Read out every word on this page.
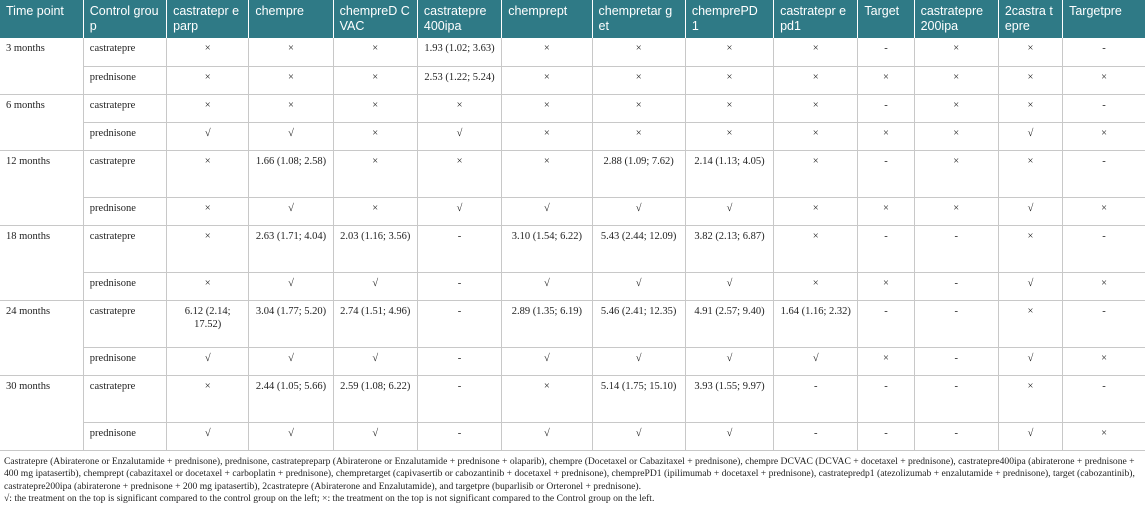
Time point	Control group	castratepr eparp	chempre	chempreD CVAC	castratepre 400ipa	chemprept	chempretar get	chemprePD 1	castratepr epd1	Target	castratepre 200ipa	2castra tepre	Targetpre
3 months	castratepre	×	×	×	1.93 (1.02; 3.63)	×	×	×	×	-	×	×	-
	prednisone	×	×	×	2.53 (1.22; 5.24)	×	×	×	×	×	×	×	×
6 months	castratepre	×	×	×	×	×	×	×	×	-	×	×	-
	prednisone	√	√	×	√	×	×	×	×	×	×	√	×
12 months	castratepre	×	1.66 (1.08; 2.58)	×	×	×	2.88 (1.09; 7.62)	2.14 (1.13; 4.05)	×	-	×	×	-
	prednisone	×	√	×	√	√	√	√	×	×	×	√	×
18 months	castratepre	×	2.63 (1.71; 4.04)	2.03 (1.16; 3.56)	-	3.10 (1.54; 6.22)	5.43 (2.44; 12.09)	3.82 (2.13; 6.87)	×	-	-	×	-
	prednisone	×	√	√	-	√	√	√	×	×	-	√	×
24 months	castratepre	6.12 (2.14; 17.52)	3.04 (1.77; 5.20)	2.74 (1.51; 4.96)	-	2.89 (1.35; 6.19)	5.46 (2.41; 12.35)	4.91 (2.57; 9.40)	1.64 (1.16; 2.32)	-	-	×	-
	prednisone	√	√	√	-	√	√	√	√	×	-	√	×
30 months	castratepre	×	2.44 (1.05; 5.66)	2.59 (1.08; 6.22)	-	×	5.14 (1.75; 15.10)	3.93 (1.55; 9.97)	-	-	-	×	-
	prednisone	√	√	√	-	√	√	√	-	-	-	√	×

Castratepre (Abiraterone or Enzalutamide + prednisone), prednisone, castratepreparp (Abiraterone or Enzalutamide + prednisone + olaparib), chempre (Docetaxel or Cabazitaxel + prednisone), chempre DCVAC (DCVAC + docetaxel + prednisone), castratepre400ipa (abiraterone + prednisone + 400 mg ipatasertib), chemprept (cabazitaxel or docetaxel + carboplatin + prednisone), chempretarget (capivasertib or cabozantinib + docetaxel + prednisone), chemprePD1 (ipilimumab + docetaxel + prednisone), castratepredp1 (atezolizumab + enzalutamide + prednisone), target (cabozantinib), castratepre200ipa (abiraterone + prednisone + 200 mg ipatasertib), 2castratepre (Abiraterone and Enzalutamide), and targetpre (buparlisib or Orteronel + prednisone).

√: the treatment on the top is significant compared to the control group on the left; ×: the treatment on the top is not significant compared to the Control group on the left.
